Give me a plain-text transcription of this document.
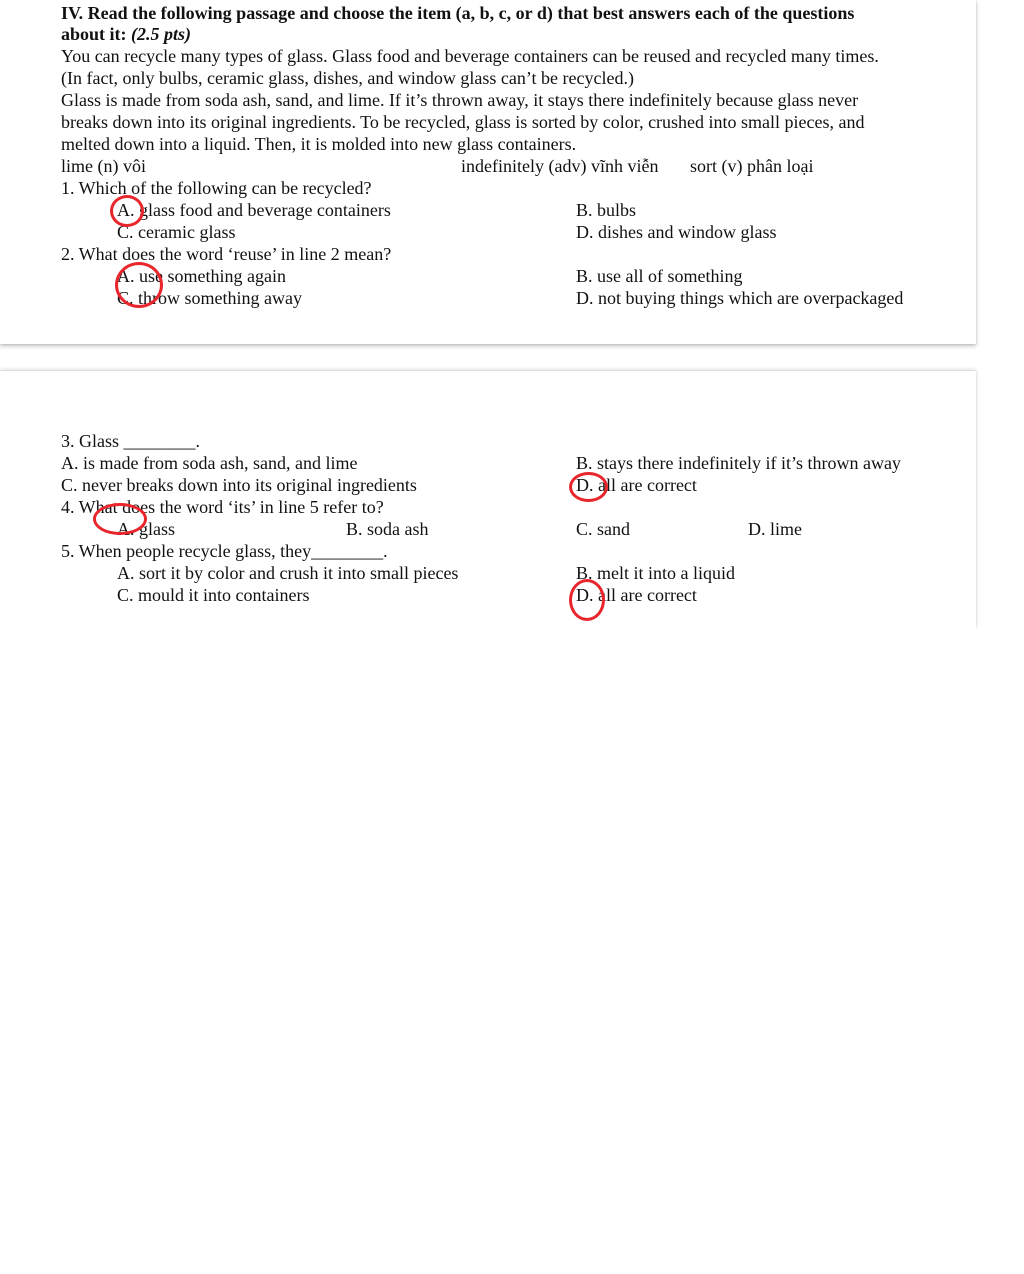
IV. Read the following passage and choose the item (a, b, c, or d) that best answers each of the questions
about it: (2.5 pts)
You can recycle many types of glass. Glass food and beverage containers can be reused and recycled many times.
(In fact, only bulbs, ceramic glass, dishes, and window glass can’t be recycled.)
Glass is made from soda ash, sand, and lime. If it’s thrown away, it stays there indefinitely because glass never
breaks down into its original ingredients. To be recycled, glass is sorted by color, crushed into small pieces, and
melted down into a liquid. Then, it is molded into new glass containers.
lime (n) vôi	indefinitely (adv) vĩnh viễn sort (v) phân loại
1. Which of the following can be recycled?
A. glass food and beverage containers	B. bulbs
C. ceramic glass	D. dishes and window glass
2. What does the word ‘reuse’ in line 2 mean?
A. use something again	B. use all of something
C. throw something away	D. not buying things which are overpackaged
3. Glass ________.
A. is made from soda ash, sand, and lime	B. stays there indefinitely if it’s thrown away
C. never breaks down into its original ingredients	D. all are correct
4. What does the word ‘its’ in line 5 refer to?
A. glass	B. soda ash	C. sand	D. lime
5. When people recycle glass, they________.
A. sort it by color and crush it into small pieces	B. melt it into a liquid
C. mould it into containers	D. all are correct
